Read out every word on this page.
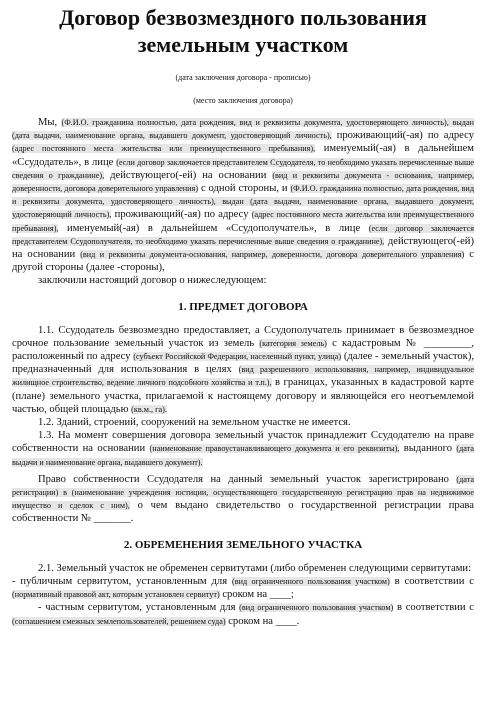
Договор безвозмездного пользования земельным участком

(дата заключения договора - прописью)

(место заключения договора)

Мы, (Ф.И.О. гражданина полностью, дата рождения, вид и реквизиты документа, удостоверяющего личность), выдан (дата выдачи, наименование органа, выдавшего документ, удостоверяющий личность), проживающий(-ая) по адресу (адрес постоянного места жительства или преимущественного пребывания), именуемый(-ая) в дальнейшем «Ссудодатель», в лице (если договор заключается представителем Ссудодателя, то необходимо указать перечисленные выше сведения о гражданине), действующего(-ей) на основании (вид и реквизиты документа - основания, например, доверенности, договора доверительного управления) с одной стороны, и (Ф.И.О. гражданина полностью, дата рождения, вид и реквизиты документа, удостоверяющего личность), выдан (дата выдачи, наименование органа, выдавшего документ, удостоверяющий личность), проживающий(-ая) по адресу (адрес постоянного места жительства или преимущественного пребывания), именуемый(-ая) в дальнейшем «Ссудополучатель», в лице (если договор заключается представителем Ссудополучателя, то необходимо указать перечисленные выше сведения о гражданине), действующего(-ей) на основании (вид и реквизиты документа-основания, например, доверенности, договора доверительного управления) с другой стороны (далее -стороны),

заключили настоящий договор о нижеследующем:

1. ПРЕДМЕТ ДОГОВОРА

1.1. Ссудодатель безвозмездно предоставляет, а Ссудополучатель принимает в безвозмездное срочное пользование земельный участок из земель (категория земель) с кадастровым № _________, расположенный по адресу (субъект Российской Федерации, населенный пункт, улица) (далее - земельный участок), предназначенный для использования в целях (вид разрешенного использования, например, индивидуальное жилищное строительство, ведение личного подсобного хозяйства и т.п.), в границах, указанных в кадастровой карте (плане) земельного участка, прилагаемой к настоящему договору и являющейся его неотъемлемой частью, общей площадью (кв.м., га).

1.2. Зданий, строений, сооружений на земельном участке не имеется.

1.3. На момент совершения договора земельный участок принадлежит Ссудодателю на праве собственности на основании (наименование правоустанавливающего документа и его реквизиты), выданного (дата выдачи и наименование органа, выдавшего документ).

Право собственности Ссудодателя на данный земельный участок зарегистрировано (дата регистрации) в (наименование учреждения юстиции, осуществляющего государственную регистрацию прав на недвижимое имущество и сделок с ним), о чем выдано свидетельство о государственной регистрации права собственности № _______.

2. ОБРЕМЕНЕНИЯ ЗЕМЕЛЬНОГО УЧАСТКА

2.1. Земельный участок не обременен сервитутами (либо обременен следующими сервитутами:

- публичным сервитутом, установленным для (вид ограниченного пользования участком) в соответствии с (нормативный правовой акт, которым установлен сервитут) сроком на ____;

- частным сервитутом, установленным для (вид ограниченного пользования участком) в соответствии с (соглашением смежных землепользователей, решением суда) сроком на ____.
